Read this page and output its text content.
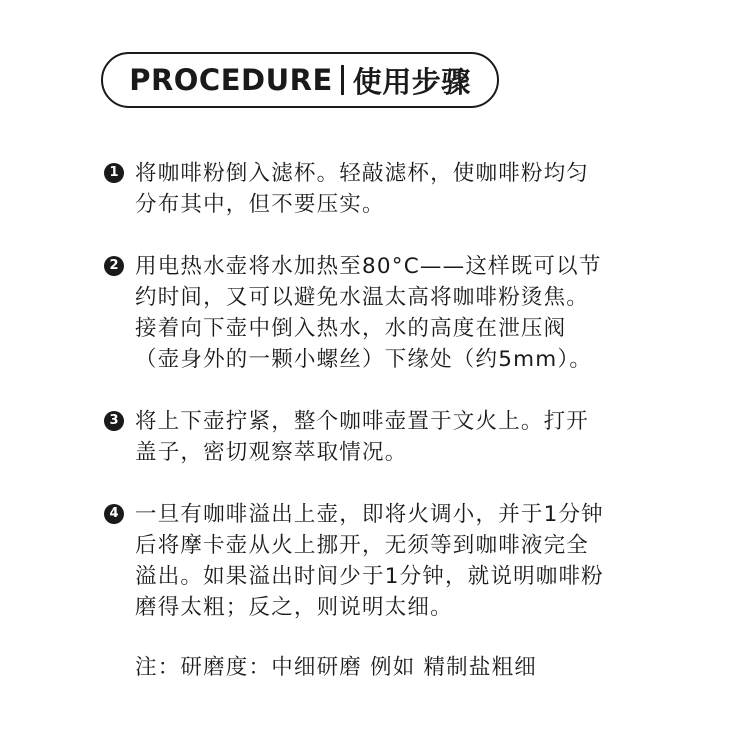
PROCEDURE 使用步骤
1 将咖啡粉倒入滤杯。轻敲滤杯，使咖啡粉均匀
分布其中，但不要压实。
2 用电热水壶将水加热至80°C——这样既可以节
约时间，又可以避免水温太高将咖啡粉烫焦。
接着向下壶中倒入热水，水的高度在泄压阀
（壶身外的一颗小螺丝）下缘处（约5mm）。
3 将上下壶拧紧，整个咖啡壶置于文火上。打开
盖子，密切观察萃取情况。
4 一旦有咖啡溢出上壶，即将火调小，并于1分钟
后将摩卡壶从火上挪开，无须等到咖啡液完全
溢出。如果溢出时间少于1分钟，就说明咖啡粉
磨得太粗；反之，则说明太细。
注：研磨度：中细研磨 例如 精制盐粗细
